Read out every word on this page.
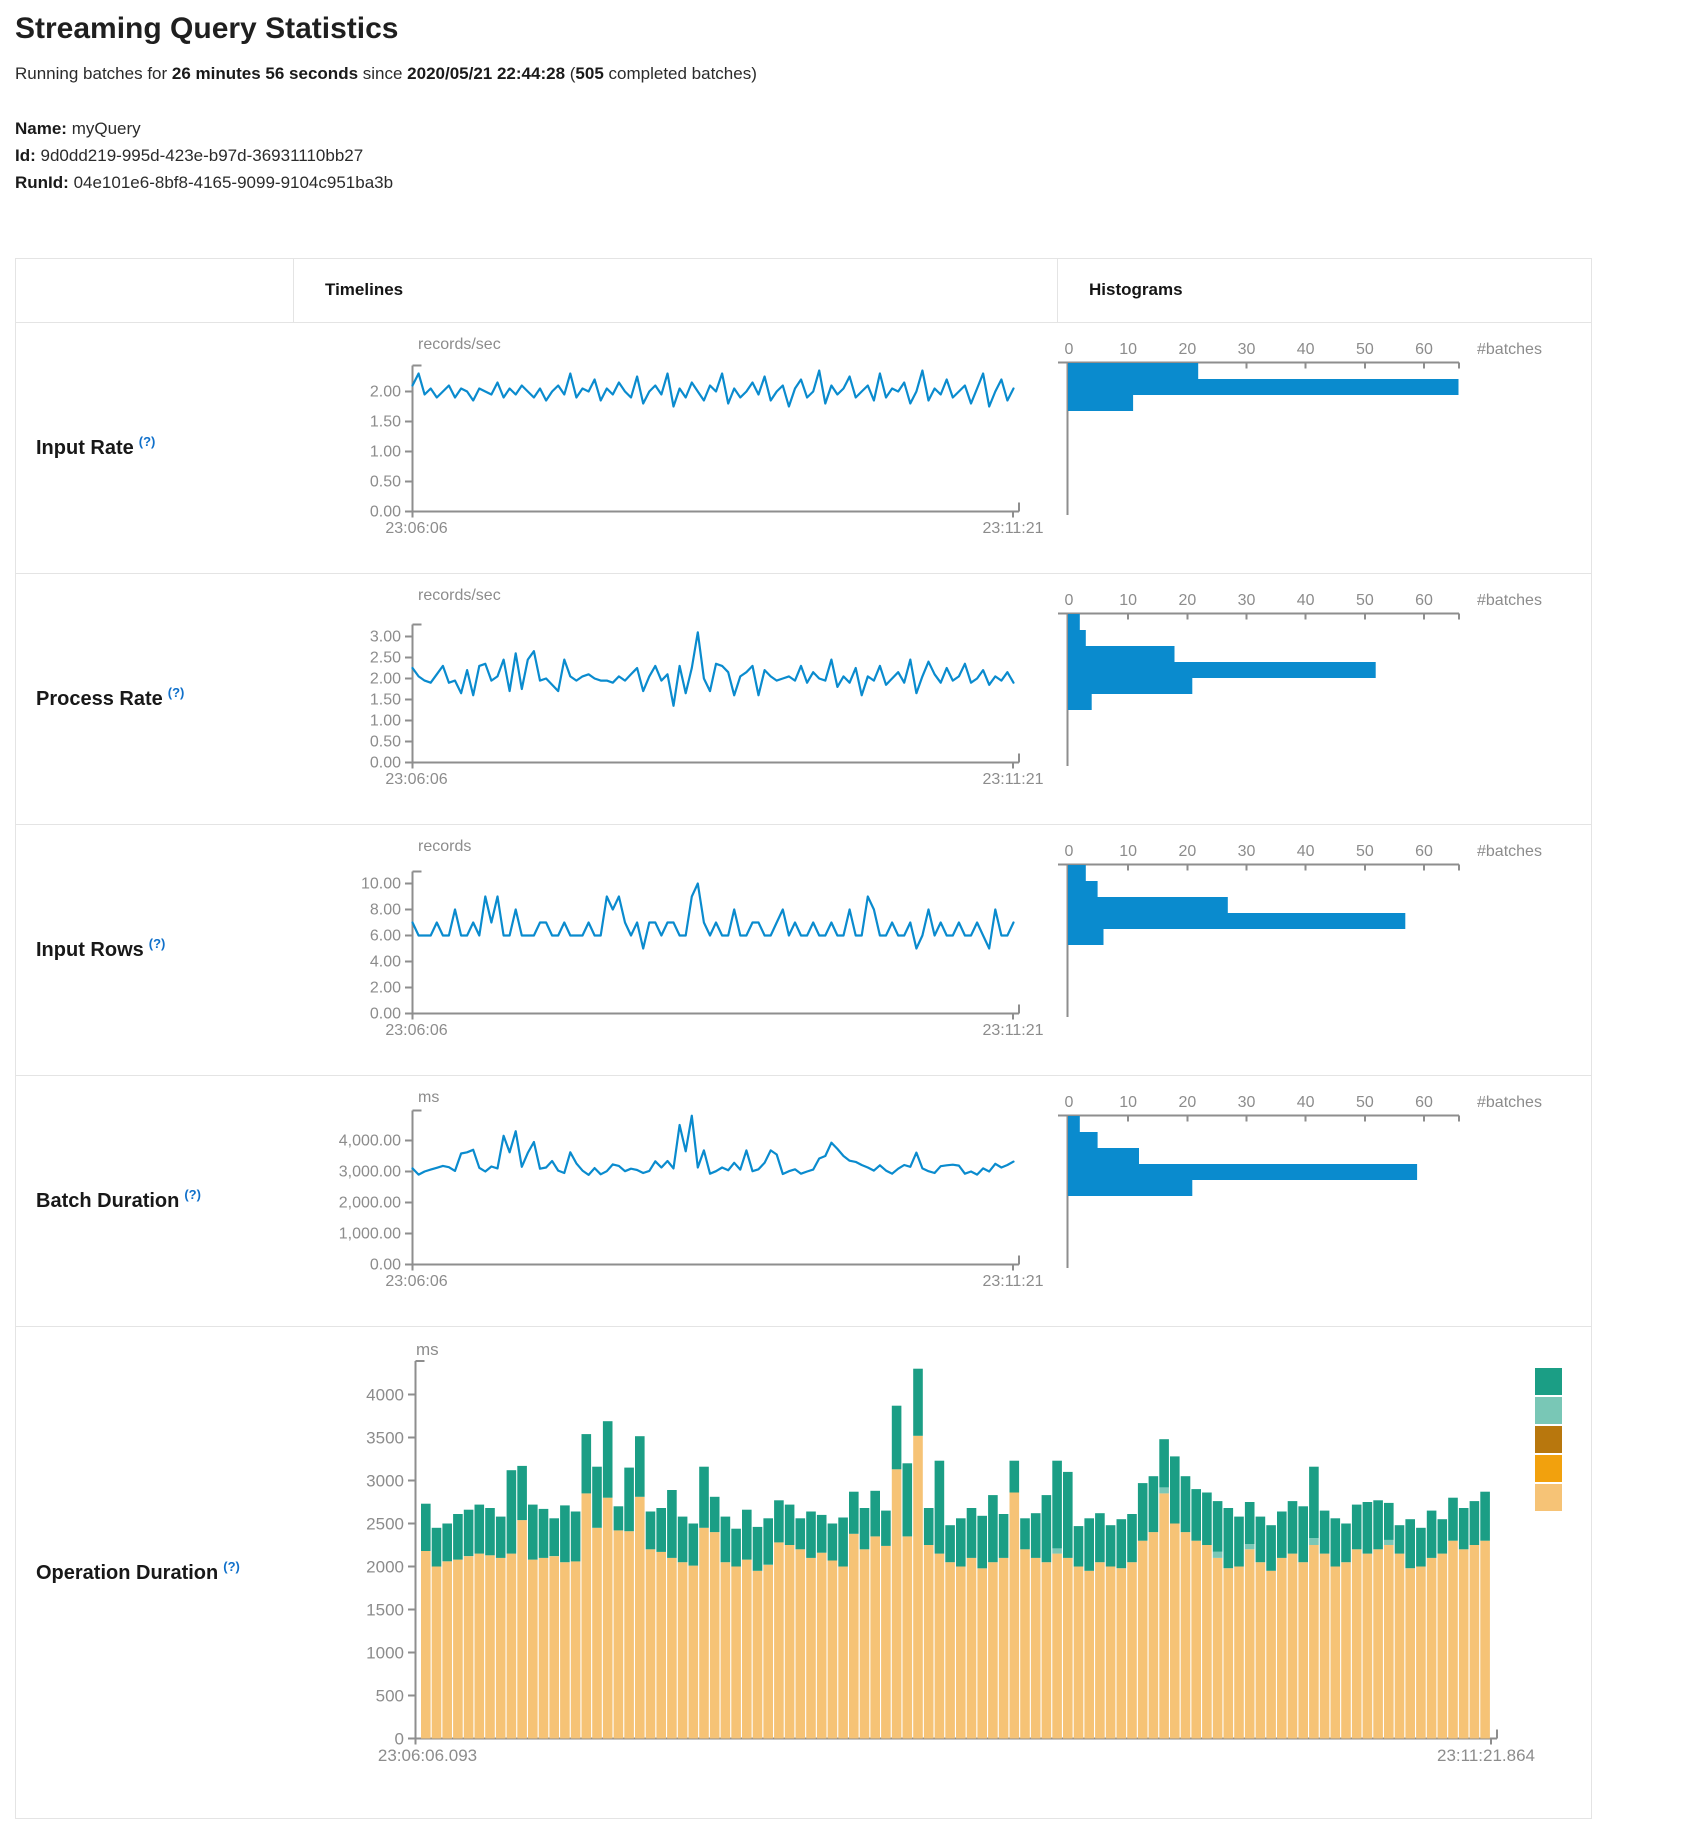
Streaming Query Statistics

Running batches for 26 minutes 56 seconds since 2020/05/21 22:44:28 (505 completed batches)

Name: myQuery

Id: 9d0dd219-995d-423e-b97d-36931110bb27

RunId: 04e101e6-8bf8-4165-9099-9104c951ba3b

Timelines	Histograms
Input Rate (?)
records/sec
2.00
1.50
1.00
0.50
0.00
23:06:06	23:11:21
0	10	20	30	40	50	60	#batches
Process Rate (?)
records/sec
3.00
2.50
2.00
1.50
1.00
0.50
0.00
23:06:06	23:11:21
0	10	20	30	40	50	60	#batches
Input Rows (?)
records
10.00
8.00
6.00
4.00
2.00
0.00
23:06:06	23:11:21
0	10	20	30	40	50	60	#batches
Batch Duration (?)
ms
4,000.00
3,000.00
2,000.00
1,000.00
0.00
23:06:06	23:11:21
0	10	20	30	40	50	60	#batches
Operation Duration (?)
ms
4000
3500
3000
2500
2000
1500
1000
500
0
23:06:06.093	23:11:21.864
